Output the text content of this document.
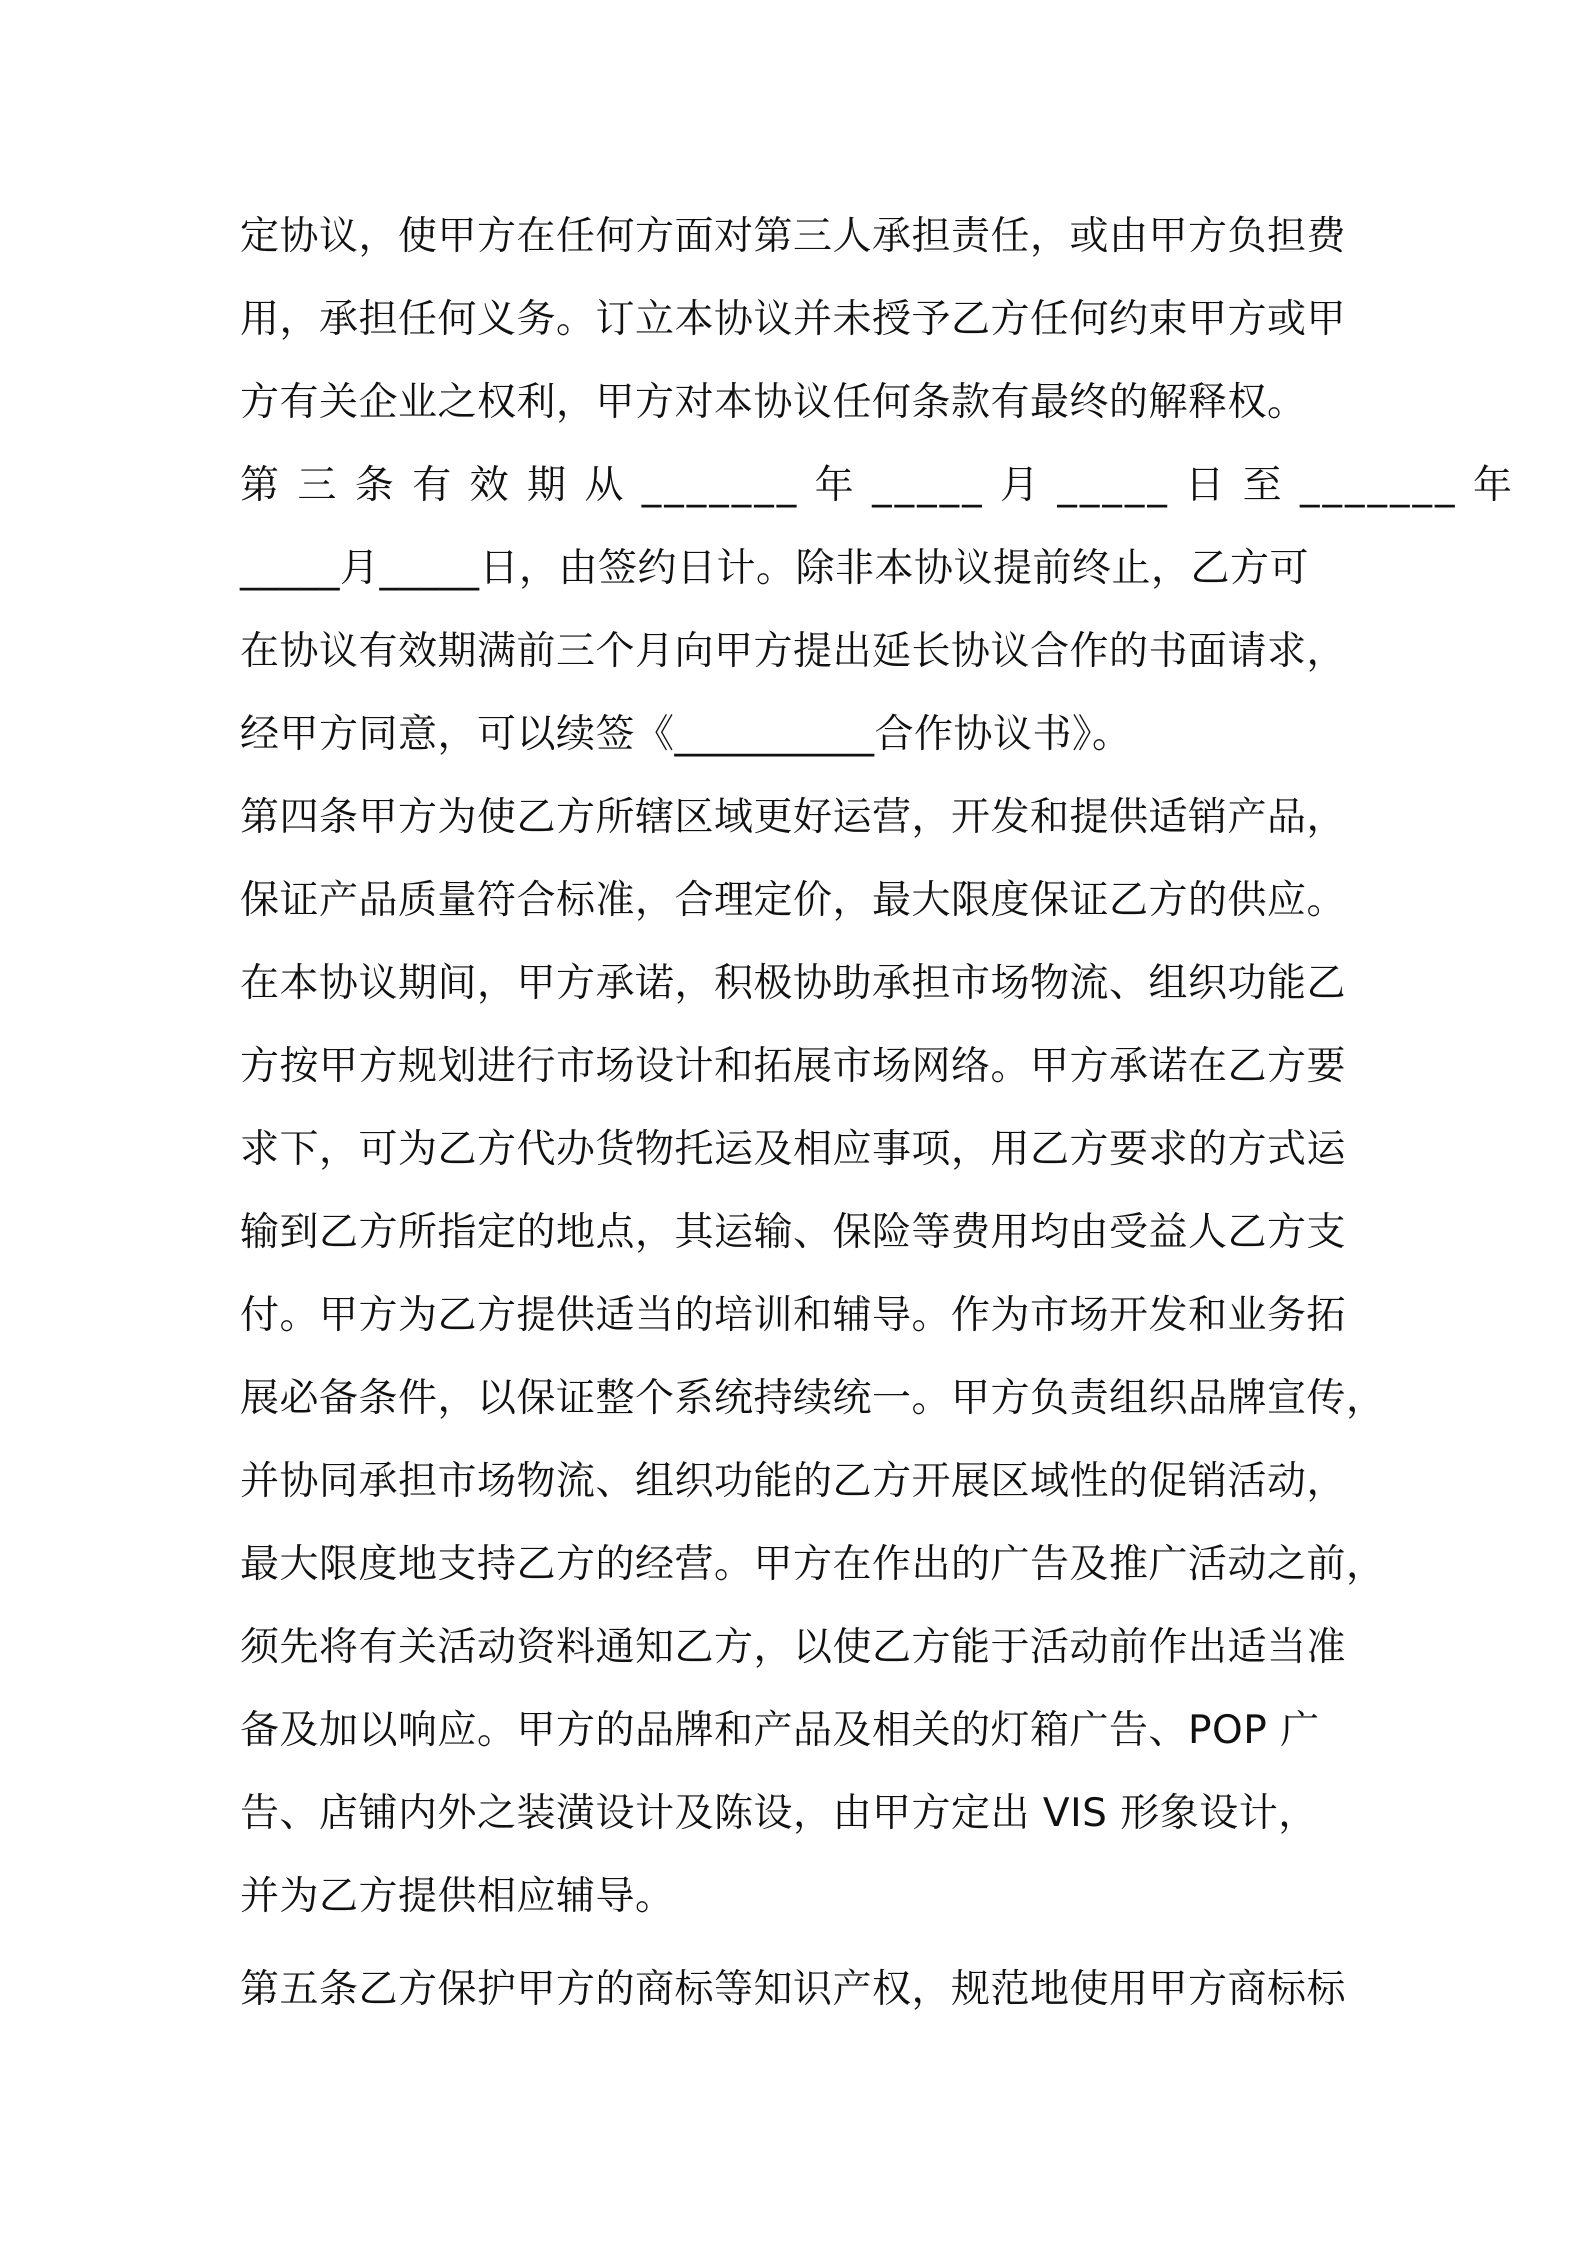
定协议，使甲方在任何方面对第三人承担责任，或由甲方负担费
用，承担任何义务。订立本协议并未授予乙方任何约束甲方或甲
方有关企业之权利，甲方对本协议任何条款有最终的解释权。
第 三 条 有 效 期 从 _______ 年 _____ 月 _____ 日 至 _______ 年
_____月_____日，由签约日计。除非本协议提前终止，乙方可
在协议有效期满前三个月向甲方提出延长协议合作的书面请求，
经甲方同意，可以续签《__________合作协议书》。
第四条甲方为使乙方所辖区域更好运营，开发和提供适销产品，
保证产品质量符合标准，合理定价，最大限度保证乙方的供应。
在本协议期间，甲方承诺，积极协助承担市场物流、组织功能乙
方按甲方规划进行市场设计和拓展市场网络。甲方承诺在乙方要
求下，可为乙方代办货物托运及相应事项，用乙方要求的方式运
输到乙方所指定的地点，其运输、保险等费用均由受益人乙方支
付。甲方为乙方提供适当的培训和辅导。作为市场开发和业务拓
展必备条件，以保证整个系统持续统一。甲方负责组织品牌宣传，
并协同承担市场物流、组织功能的乙方开展区域性的促销活动，
最大限度地支持乙方的经营。甲方在作出的广告及推广活动之前，
须先将有关活动资料通知乙方，以使乙方能于活动前作出适当准
备及加以响应。甲方的品牌和产品及相关的灯箱广告、POP 广
告、店铺内外之装潢设计及陈设，由甲方定出 VIS 形象设计，
并为乙方提供相应辅导。
第五条乙方保护甲方的商标等知识产权，规范地使用甲方商标标
